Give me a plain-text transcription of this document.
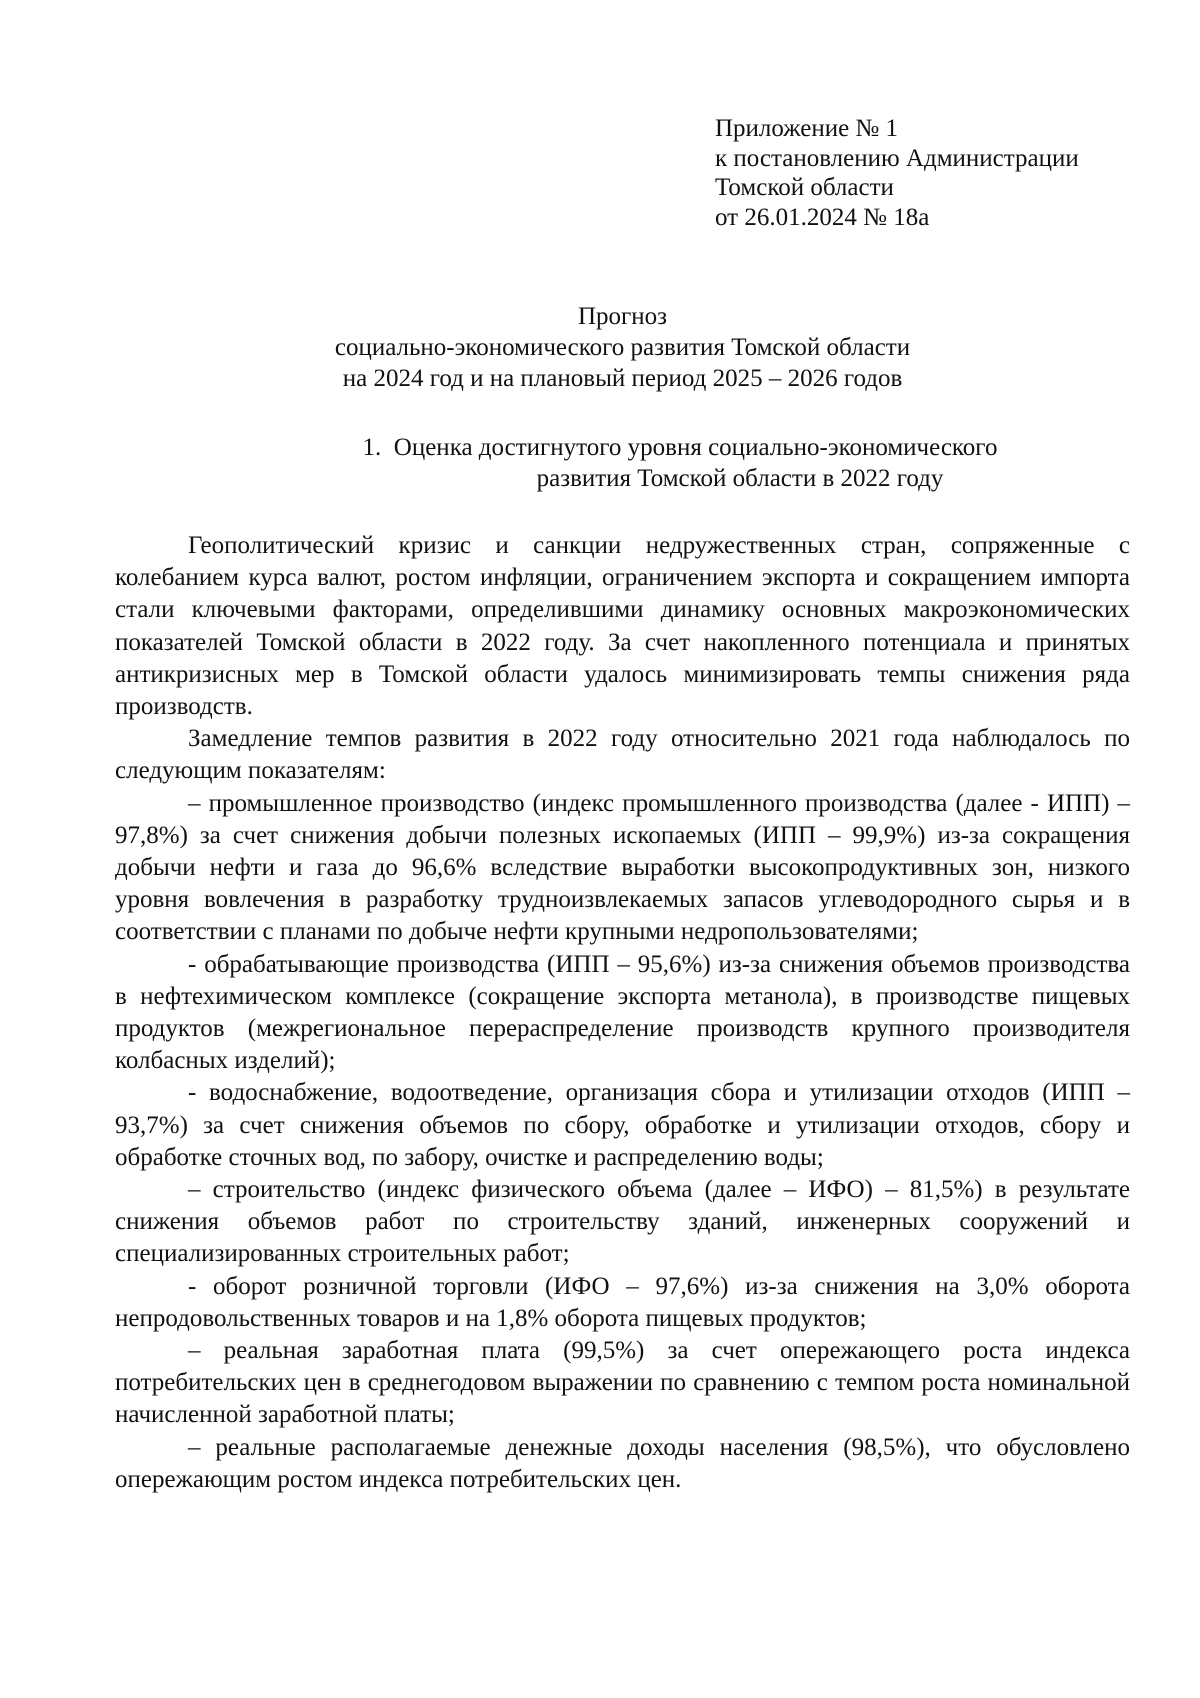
Приложение № 1
к постановлению Администрации
Томской области
от 26.01.2024 № 18а
Прогноз
социально-экономического развития Томской области
на 2024 год и на плановый период 2025 – 2026 годов
1. Оценка достигнутого уровня социально-экономического
развития Томской области в 2022 году

Геополитический кризис и санкции недружественных стран, сопряженные с колебанием курса валют, ростом инфляции, ограничением экспорта и сокращением импорта стали ключевыми факторами, определившими динамику основных макроэкономических показателей Томской области в 2022 году. За счет накопленного потенциала и принятых антикризисных мер в Томской области удалось минимизировать темпы снижения ряда производств.

Замедление темпов развития в 2022 году относительно 2021 года наблюдалось по следующим показателям:

– промышленное производство (индекс промышленного производства (далее - ИПП) – 97,8%) за счет снижения добычи полезных ископаемых (ИПП – 99,9%) из-за сокращения добычи нефти и газа до 96,6% вследствие выработки высокопродуктивных зон, низкого уровня вовлечения в разработку трудноизвлекаемых запасов углеводородного сырья и в соответствии с планами по добыче нефти крупными недропользователями;

- обрабатывающие производства (ИПП – 95,6%) из-за снижения объемов производства в нефтехимическом комплексе (сокращение экспорта метанола), в производстве пищевых продуктов (межрегиональное перераспределение производств крупного производителя колбасных изделий);

- водоснабжение, водоотведение, организация сбора и утилизации отходов (ИПП – 93,7%) за счет снижения объемов по сбору, обработке и утилизации отходов, сбору и обработке сточных вод, по забору, очистке и распределению воды;

– строительство (индекс физического объема (далее – ИФО) – 81,5%) в результате снижения объемов работ по строительству зданий, инженерных сооружений и специализированных строительных работ;

- оборот розничной торговли (ИФО – 97,6%) из-за снижения на 3,0% оборота непродовольственных товаров и на 1,8% оборота пищевых продуктов;

– реальная заработная плата (99,5%) за счет опережающего роста индекса потребительских цен в среднегодовом выражении по сравнению с темпом роста номинальной начисленной заработной платы;

– реальные располагаемые денежные доходы населения (98,5%), что обусловлено опережающим ростом индекса потребительских цен.
